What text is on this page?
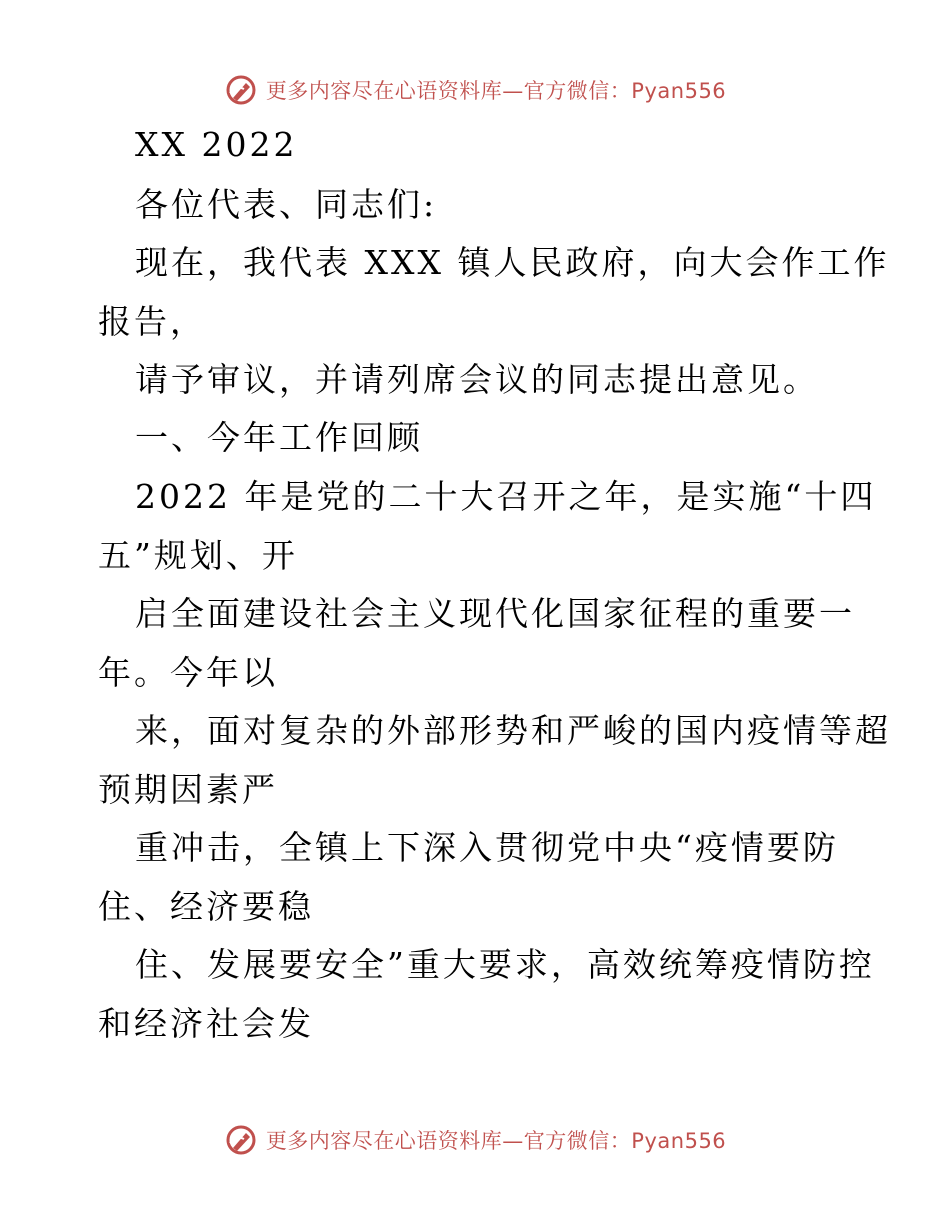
更多内容尽在心语资料库—官方微信：Pyan556
XX 2022
各位代表、同志们:
现在，我代表 XXX 镇人民政府，向大会作工作
报告，
请予审议，并请列席会议的同志提出意见。
一、今年工作回顾
2022 年是党的二十大召开之年，是实施“十四
五”规划、开
启全面建设社会主义现代化国家征程的重要一
年。今年以
来，面对复杂的外部形势和严峻的国内疫情等超
预期因素严
重冲击，全镇上下深入贯彻党中央“疫情要防
住、经济要稳
住、发展要安全”重大要求，高效统筹疫情防控
和经济社会发
更多内容尽在心语资料库—官方微信：Pyan556
